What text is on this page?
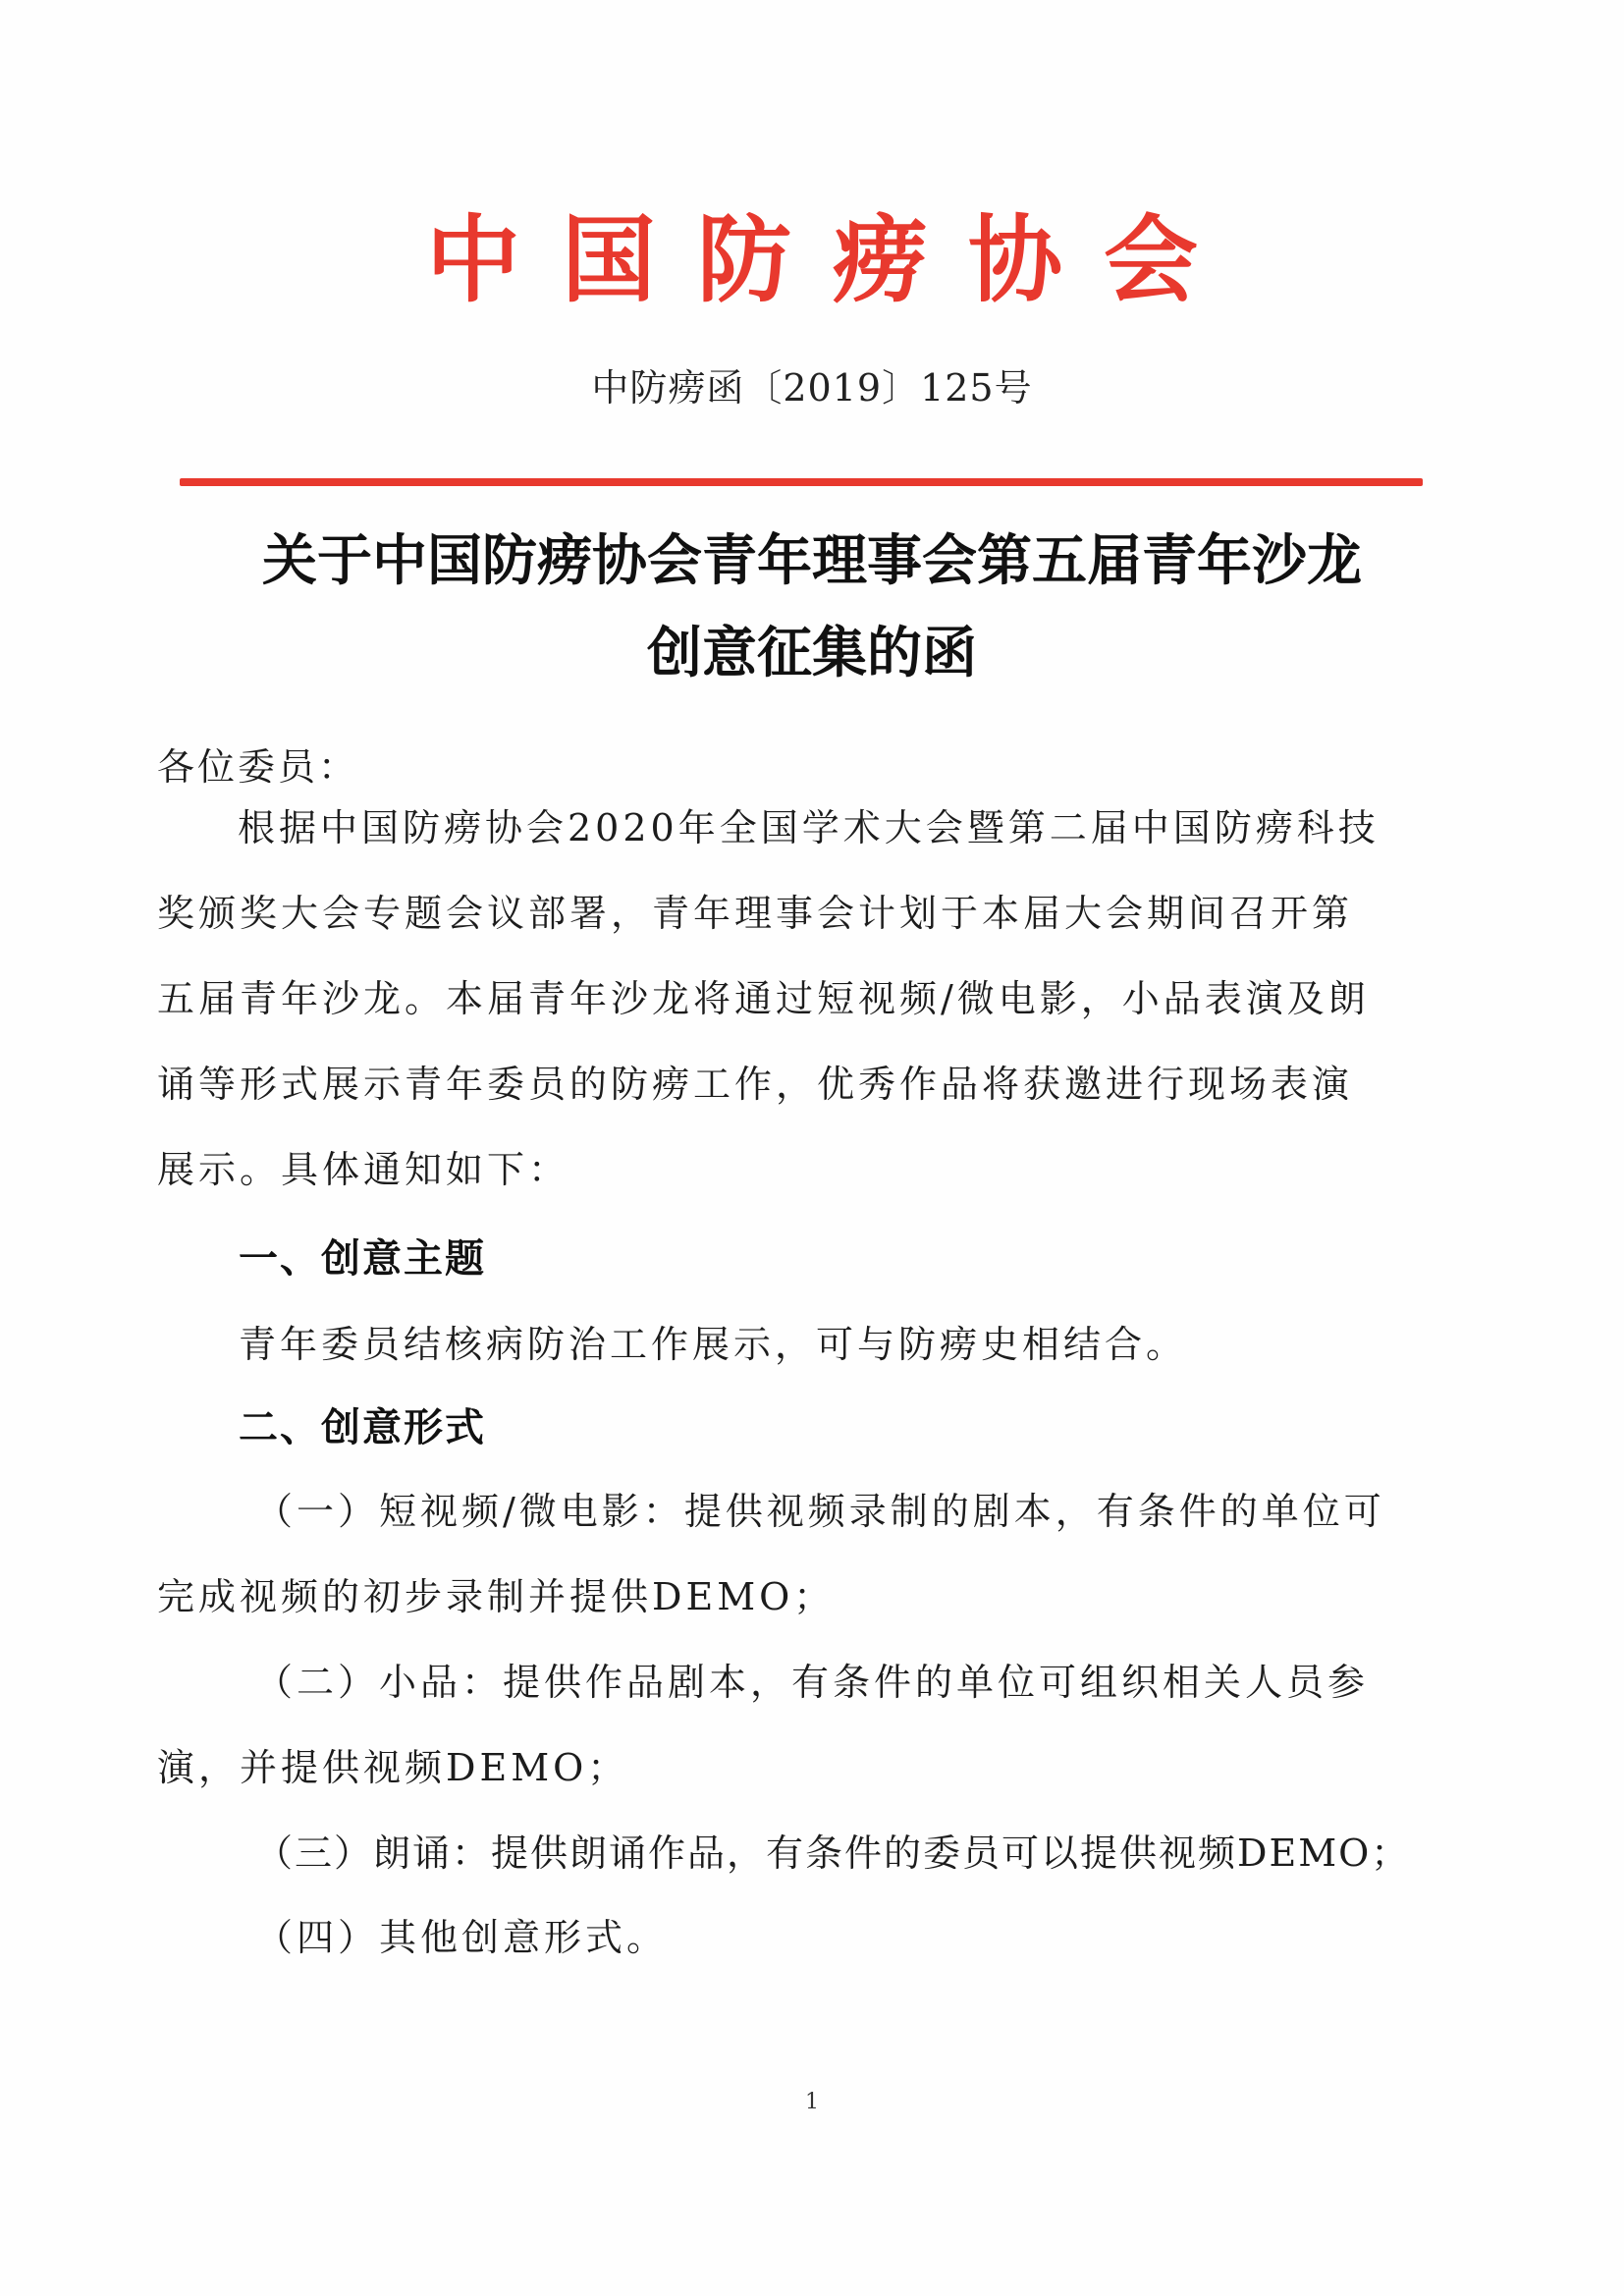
中国防痨协会
中防痨函〔2019〕125号
关于中国防痨协会青年理事会第五届青年沙龙
创意征集的函
各位委员：
根据中国防痨协会2020年全国学术大会暨第二届中国防痨科技
奖颁奖大会专题会议部署，青年理事会计划于本届大会期间召开第
五届青年沙龙。本届青年沙龙将通过短视频/微电影，小品表演及朗
诵等形式展示青年委员的防痨工作，优秀作品将获邀进行现场表演
展示。具体通知如下：
一、创意主题
青年委员结核病防治工作展示，可与防痨史相结合。
二、创意形式
（一）短视频/微电影：提供视频录制的剧本，有条件的单位可
完成视频的初步录制并提供DEMO；
（二）小品：提供作品剧本，有条件的单位可组织相关人员参
演，并提供视频DEMO；
（三）朗诵：提供朗诵作品，有条件的委员可以提供视频DEMO；
（四）其他创意形式。
1
